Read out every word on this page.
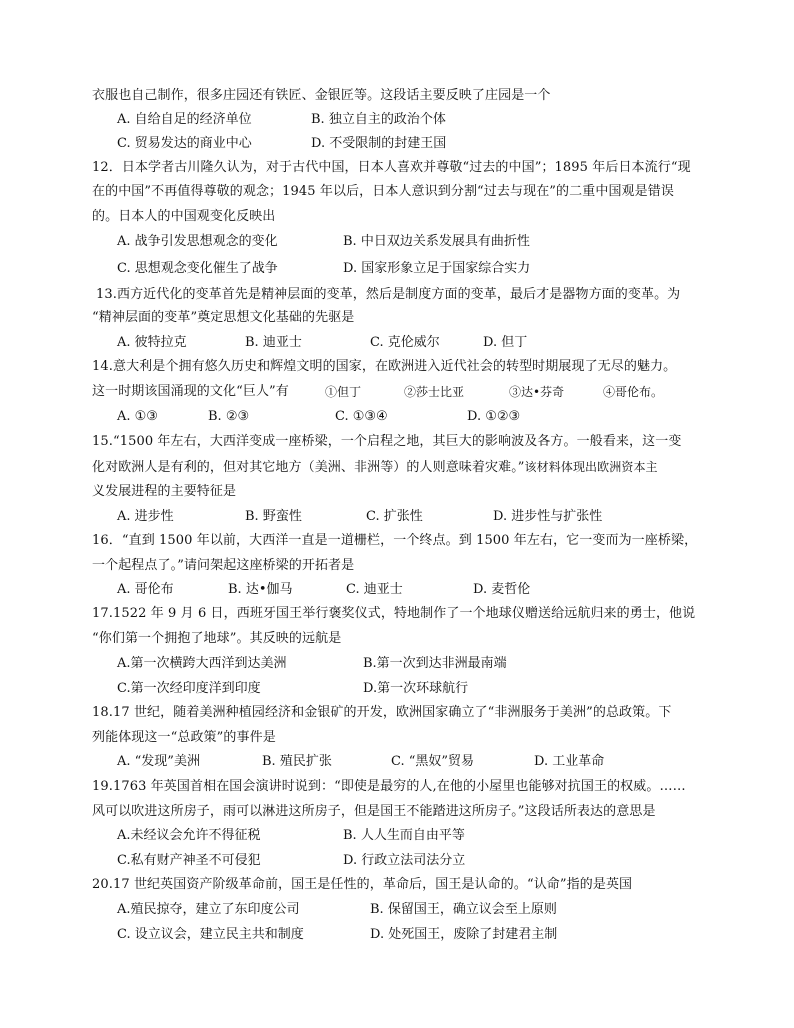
衣服也自己制作，很多庄园还有铁匠、金银匠等。这段话主要反映了庄园是一个
A. 自给自足的经济单位	B. 独立自主的政治个体
C. 贸易发达的商业中心	D. 不受限制的封建王国
12．日本学者古川隆久认为，对于古代中国，日本人喜欢并尊敬“过去的中国”；1895 年后日本流行“现
在的中国”不再值得尊敬的观念；1945 年以后，日本人意识到分割“过去与现在”的二重中国观是错误
的。日本人的中国观变化反映出
A. 战争引发思想观念的变化	B. 中日双边关系发展具有曲折性
C. 思想观念变化催生了战争	D. 国家形象立足于国家综合实力
13.西方近代化的变革首先是精神层面的变革，然后是制度方面的变革，最后才是器物方面的变革。为
“精神层面的变革”奠定思想文化基础的先驱是
A. 彼特拉克	B. 迪亚士	C. 克伦威尔	D. 但丁
14.意大利是个拥有悠久历史和辉煌文明的国家，在欧洲进入近代社会的转型时期展现了无尽的魅力。
这一时期该国涌现的文化“巨人”有	①但丁	②莎士比亚	③达•芬奇	④哥伦布。
A. ①③	B. ②③	C. ①③④	D. ①②③
15.“1500 年左右，大西洋变成一座桥梁，一个启程之地，其巨大的影响波及各方。一般看来，这一变
化对欧洲人是有利的，但对其它地方（美洲、非洲等）的人则意味着灾难。”该材料体现出欧洲资本主
义发展进程的主要特征是
A. 进步性	B. 野蛮性	C. 扩张性	D. 进步性与扩张性
16．“直到 1500 年以前，大西洋一直是一道栅栏，一个终点。到 1500 年左右，它一变而为一座桥梁，
一个起程点了。”请问架起这座桥梁的开拓者是
A. 哥伦布	B. 达•伽马	C. 迪亚士	D. 麦哲伦
17.1522 年 9 月 6 日，西班牙国王举行褒奖仪式，特地制作了一个地球仪赠送给远航归来的勇士，他说
“你们第一个拥抱了地球”。其反映的远航是
A.第一次横跨大西洋到达美洲	B.第一次到达非洲最南端
C.第一次经印度洋到印度	D.第一次环球航行
18.17 世纪，随着美洲种植园经济和金银矿的开发，欧洲国家确立了“非洲服务于美洲”的总政策。下
列能体现这一“总政策”的事件是
A. “发现”美洲	B. 殖民扩张	C. “黑奴”贸易	D. 工业革命
19.1763 年英国首相在国会演讲时说到：“即使是最穷的人,在他的小屋里也能够对抗国王的权威。……
风可以吹进这所房子，雨可以淋进这所房子，但是国王不能踏进这所房子。”这段话所表达的意思是
A.未经议会允许不得征税	B. 人人生而自由平等
C.私有财产神圣不可侵犯	D. 行政立法司法分立
20.17 世纪英国资产阶级革命前，国王是任性的，革命后，国王是认命的。“认命”指的是英国
A.殖民掠夺，建立了东印度公司	B. 保留国王，确立议会至上原则
C. 设立议会，建立民主共和制度	D. 处死国王，废除了封建君主制
